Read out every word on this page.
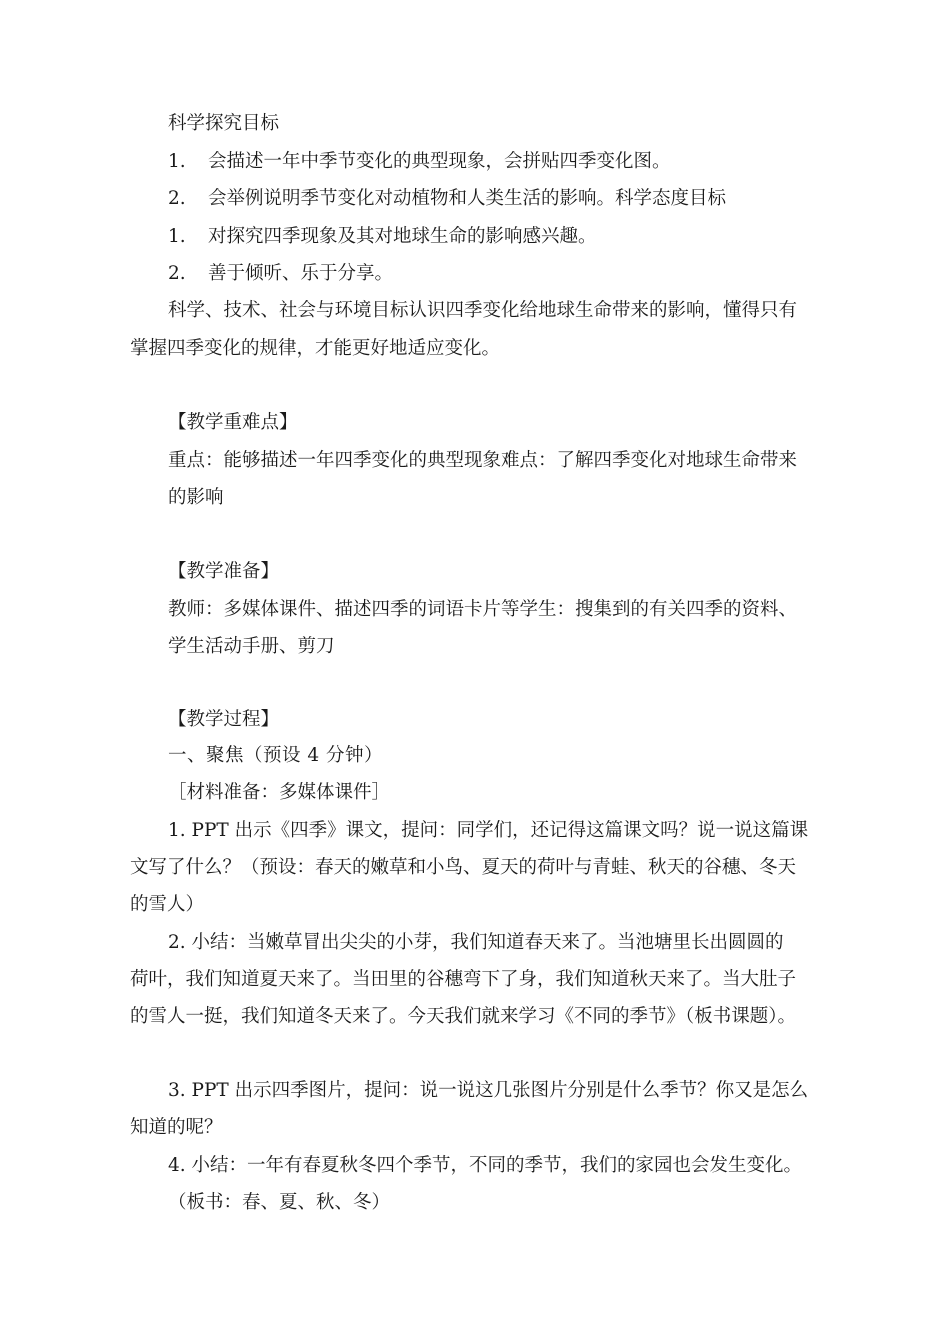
科学探究目标
1. 会描述一年中季节变化的典型现象，会拼贴四季变化图。
2. 会举例说明季节变化对动植物和人类生活的影响。科学态度目标
1. 对探究四季现象及其对地球生命的影响感兴趣。
2. 善于倾听、乐于分享。
科学、技术、社会与环境目标认识四季变化给地球生命带来的影响，懂得只有
掌握四季变化的规律，才能更好地适应变化。
【教学重难点】
重点：能够描述一年四季变化的典型现象难点：了解四季变化对地球生命带来
的影响
【教学准备】
教师：多媒体课件、描述四季的词语卡片等学生：搜集到的有关四季的资料、
学生活动手册、剪刀
【教学过程】
一、聚焦（预设 4 分钟）
［材料准备：多媒体课件］
1. PPT 出示《四季》课文，提问：同学们，还记得这篇课文吗？说一说这篇课
文写了什么？（预设：春天的嫩草和小鸟、夏天的荷叶与青蛙、秋天的谷穗、冬天
的雪人）
2. 小结：当嫩草冒出尖尖的小芽，我们知道春天来了。当池塘里长出圆圆的
荷叶，我们知道夏天来了。当田里的谷穗弯下了身，我们知道秋天来了。当大肚子
的雪人一挺，我们知道冬天来了。今天我们就来学习《不同的季节》（板书课题）。
3. PPT 出示四季图片，提问：说一说这几张图片分别是什么季节？你又是怎么
知道的呢？
4. 小结：一年有春夏秋冬四个季节，不同的季节，我们的家园也会发生变化。
（板书：春、夏、秋、冬）
